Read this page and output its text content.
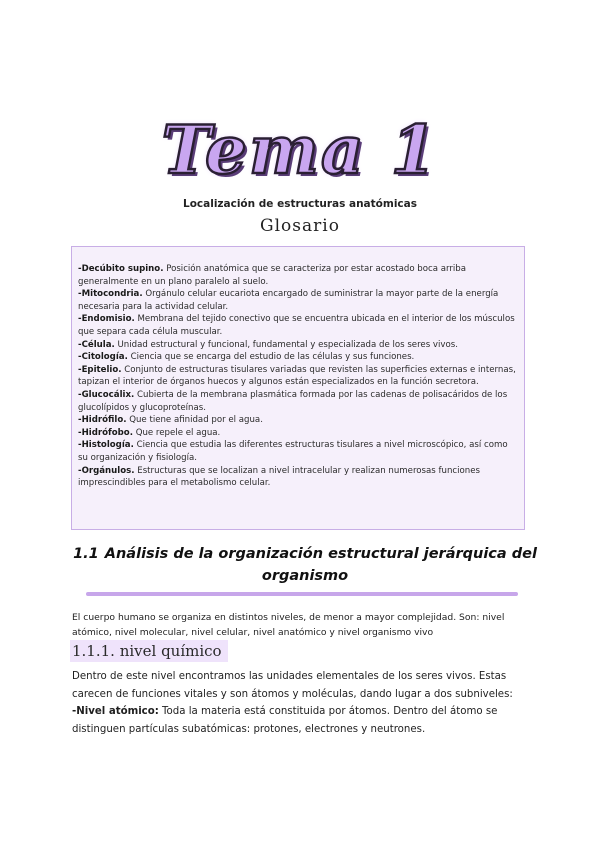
Tema 1
Localización de estructuras anatómicas
Glosario
-Decúbito supino. Posición anatómica que se caracteriza por estar acostado boca arriba generalmente en un plano paralelo al suelo.
-Mitocondria. Orgánulo celular eucariota encargado de suministrar la mayor parte de la energía necesaria para la actividad celular.
-Endomisio. Membrana del tejido conectivo que se encuentra ubicada en el interior de los músculos que separa cada célula muscular.
-Célula. Unidad estructural y funcional, fundamental y especializada de los seres vivos.
-Citología. Ciencia que se encarga del estudio de las células y sus funciones.
-Epitelio. Conjunto de estructuras tisulares variadas que revisten las superficies externas e internas, tapizan el interior de órganos huecos y algunos están especializados en la función secretora.
-Glucocálix. Cubierta de la membrana plasmática formada por las cadenas de polisacáridos de los glucolípidos y glucoproteínas.
-Hidrófilo. Que tiene afinidad por el agua.
-Hidrófobo. Que repele el agua.
-Histología. Ciencia que estudia las diferentes estructuras tisulares a nivel microscópico, así como su organización y fisiología.
-Orgánulos. Estructuras que se localizan a nivel intracelular y realizan numerosas funciones imprescindibles para el metabolismo celular.
1.1 Análisis de la organización estructural jerárquica del organismo
El cuerpo humano se organiza en distintos niveles, de menor a mayor complejidad. Son: nivel atómico, nivel molecular, nivel celular, nivel anatómico y nivel organismo vivo
1.1.1. nivel químico

Dentro de este nivel encontramos las unidades elementales de los seres vivos. Estas carecen de funciones vitales y son átomos y moléculas, dando lugar a dos subniveles:

-Nivel atómico: Toda la materia está constituida por átomos. Dentro del átomo se distinguen partículas subatómicas: protones, electrones y neutrones.
